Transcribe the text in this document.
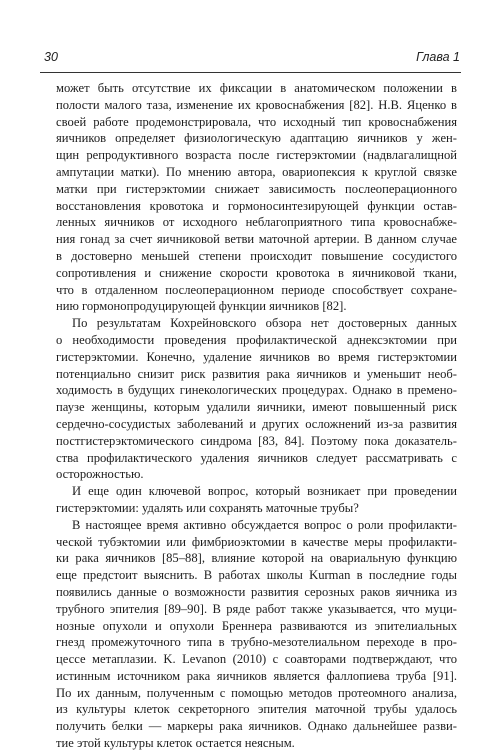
30	Глава 1
может быть отсутствие их фиксации в анатомическом положении в
полости малого таза, изменение их кровоснабжения [82]. Н.В. Яценко в
своей работе продемонстрировала, что исходный тип кровоснабжения
яичников определяет физиологическую адаптацию яичников у жен-
щин репродуктивного возраста после гистерэктомии (надвлагалищной
ампутации матки). По мнению автора, овариопексия к круглой связке
матки при гистерэктомии снижает зависимость послеоперационного
восстановления кровотока и гормоносинтезирующей функции остав-
ленных яичников от исходного неблагоприятного типа кровоснабже-
ния гонад за счет яичниковой ветви маточной артерии. В данном случае
в достоверно меньшей степени происходит повышение сосудистого
сопротивления и снижение скорости кровотока в яичниковой ткани,
что в отдаленном послеоперационном периоде способствует сохране-
нию гормонопродуцирующей функции яичников [82].
По результатам Кохрейновского обзора нет достоверных данных
о необходимости проведения профилактической аднексэктомии при
гистерэктомии. Конечно, удаление яичников во время гистерэктомии
потенциально снизит риск развития рака яичников и уменьшит необ-
ходимость в будущих гинекологических процедурах. Однако в премено-
паузе женщины, которым удалили яичники, имеют повышенный риск
сердечно-сосудистых заболеваний и других осложнений из-за развития
постгистерэктомического синдрома [83, 84]. Поэтому пока доказатель-
ства профилактического удаления яичников следует рассматривать с
осторожностью.
И еще один ключевой вопрос, который возникает при проведении
гистерэктомии: удалять или сохранять маточные трубы?
В настоящее время активно обсуждается вопрос о роли профилакти-
ческой тубэктомии или фимбриоэктомии в качестве меры профилакти-
ки рака яичников [85–88], влияние которой на овариальную функцию
еще предстоит выяснить. В работах школы Kurman в последние годы
появились данные о возможности развития серозных раков яичника из
трубного эпителия [89–90]. В ряде работ также указывается, что муци-
нозные опухоли и опухоли Бреннера развиваются из эпителиальных
гнезд промежуточного типа в трубно-мезотелиальном переходе в про-
цессе метаплазии. K. Levanon (2010) с соавторами подтверждают, что
истинным источником рака яичников является фаллопиева труба [91].
По их данным, полученным с помощью методов протеомного анализа,
из культуры клеток секреторного эпителия маточной трубы удалось
получить белки — маркеры рака яичников. Однако дальнейшее разви-
тие этой культуры клеток остается неясным.
